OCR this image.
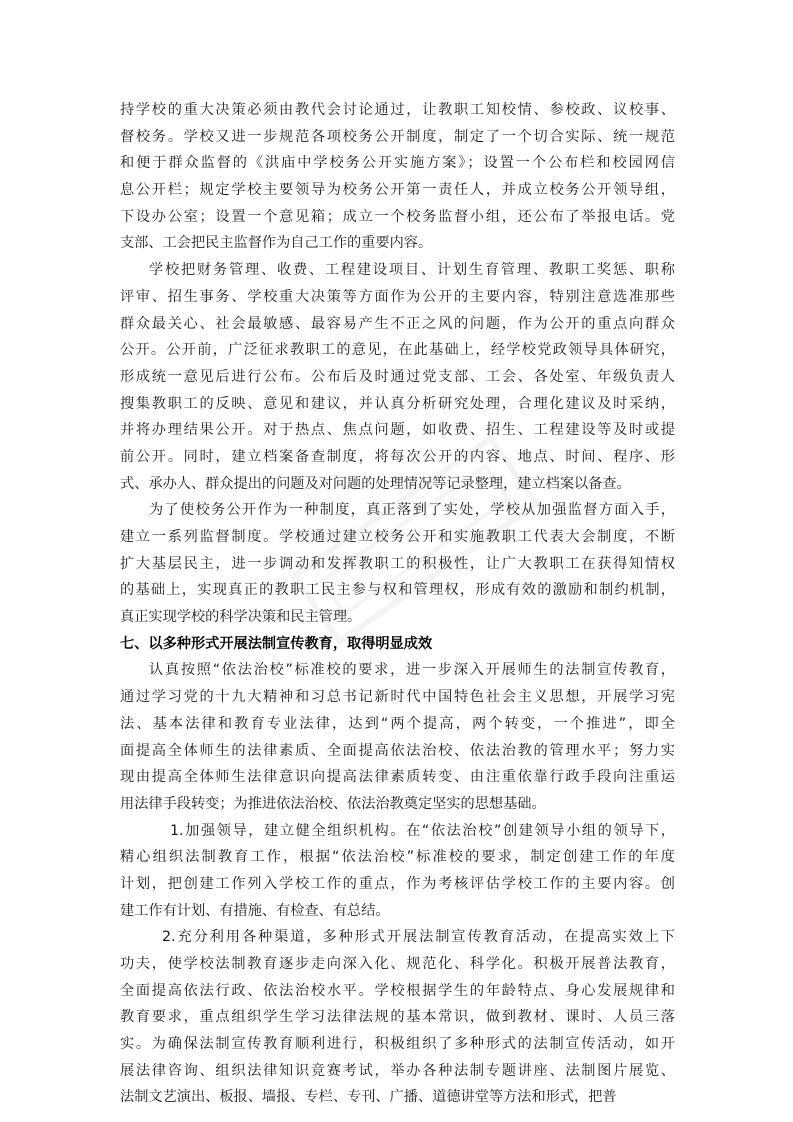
持学校的重大决策必须由教代会讨论通过，让教职工知校情、参校政、议校事、
督校务。学校又进一步规范各项校务公开制度，制定了一个切合实际、统一规范
和便于群众监督的《洪庙中学校务公开实施方案》；设置一个公布栏和校园网信
息公开栏；规定学校主要领导为校务公开第一责任人，并成立校务公开领导组，
下设办公室；设置一个意见箱；成立一个校务监督小组，还公布了举报电话。党
支部、工会把民主监督作为自己工作的重要内容。
学校把财务管理、收费、工程建设项目、计划生育管理、教职工奖惩、职称
评审、招生事务、学校重大决策等方面作为公开的主要内容，特别注意选准那些
群众最关心、社会最敏感、最容易产生不正之风的问题，作为公开的重点向群众
公开。公开前，广泛征求教职工的意见，在此基础上，经学校党政领导具体研究，
形成统一意见后进行公布。公布后及时通过党支部、工会、各处室、年级负责人
搜集教职工的反映、意见和建议，并认真分析研究处理，合理化建议及时采纳，
并将办理结果公开。对于热点、焦点问题，如收费、招生、工程建设等及时或提
前公开。同时，建立档案备查制度，将每次公开的内容、地点、时间、程序、形
式、承办人、群众提出的问题及对问题的处理情况等记录整理，建立档案以备查。
为了使校务公开作为一种制度，真正落到了实处，学校从加强监督方面入手，
建立一系列监督制度。学校通过建立校务公开和实施教职工代表大会制度，不断
扩大基层民主，进一步调动和发挥教职工的积极性，让广大教职工在获得知情权
的基础上，实现真正的教职工民主参与权和管理权，形成有效的激励和制约机制，
真正实现学校的科学决策和民主管理。
七、以多种形式开展法制宣传教育，取得明显成效
认真按照“依法治校”标准校的要求，进一步深入开展师生的法制宣传教育，
通过学习党的十九大精神和习总书记新时代中国特色社会主义思想，开展学习宪
法、基本法律和教育专业法律，达到“两个提高，两个转变，一个推进”，即全
面提高全体师生的法律素质、全面提高依法治校、依法治教的管理水平；努力实
现由提高全体师生法律意识向提高法律素质转变、由注重依靠行政手段向注重运
用法律手段转变；为推进依法治校、依法治教奠定坚实的思想基础。
1.加强领导，建立健全组织机构。在“依法治校”创建领导小组的领导下，
精心组织法制教育工作，根据“依法治校”标准校的要求，制定创建工作的年度
计划，把创建工作列入学校工作的重点，作为考核评估学校工作的主要内容。创
建工作有计划、有措施、有检查、有总结。
2.充分利用各种渠道，多种形式开展法制宣传教育活动，在提高实效上下
功夫，使学校法制教育逐步走向深入化、规范化、科学化。积极开展普法教育，
全面提高依法行政、依法治校水平。学校根据学生的年龄特点、身心发展规律和
教育要求，重点组织学生学习法律法规的基本常识，做到教材、课时、人员三落
实。为确保法制宣传教育顺利进行，积极组织了多种形式的法制宣传活动，如开
展法律咨询、组织法律知识竞赛考试，举办各种法制专题讲座、法制图片展览、
法制文艺演出、板报、墙报、专栏、专刊、广播、道德讲堂等方法和形式，把普
